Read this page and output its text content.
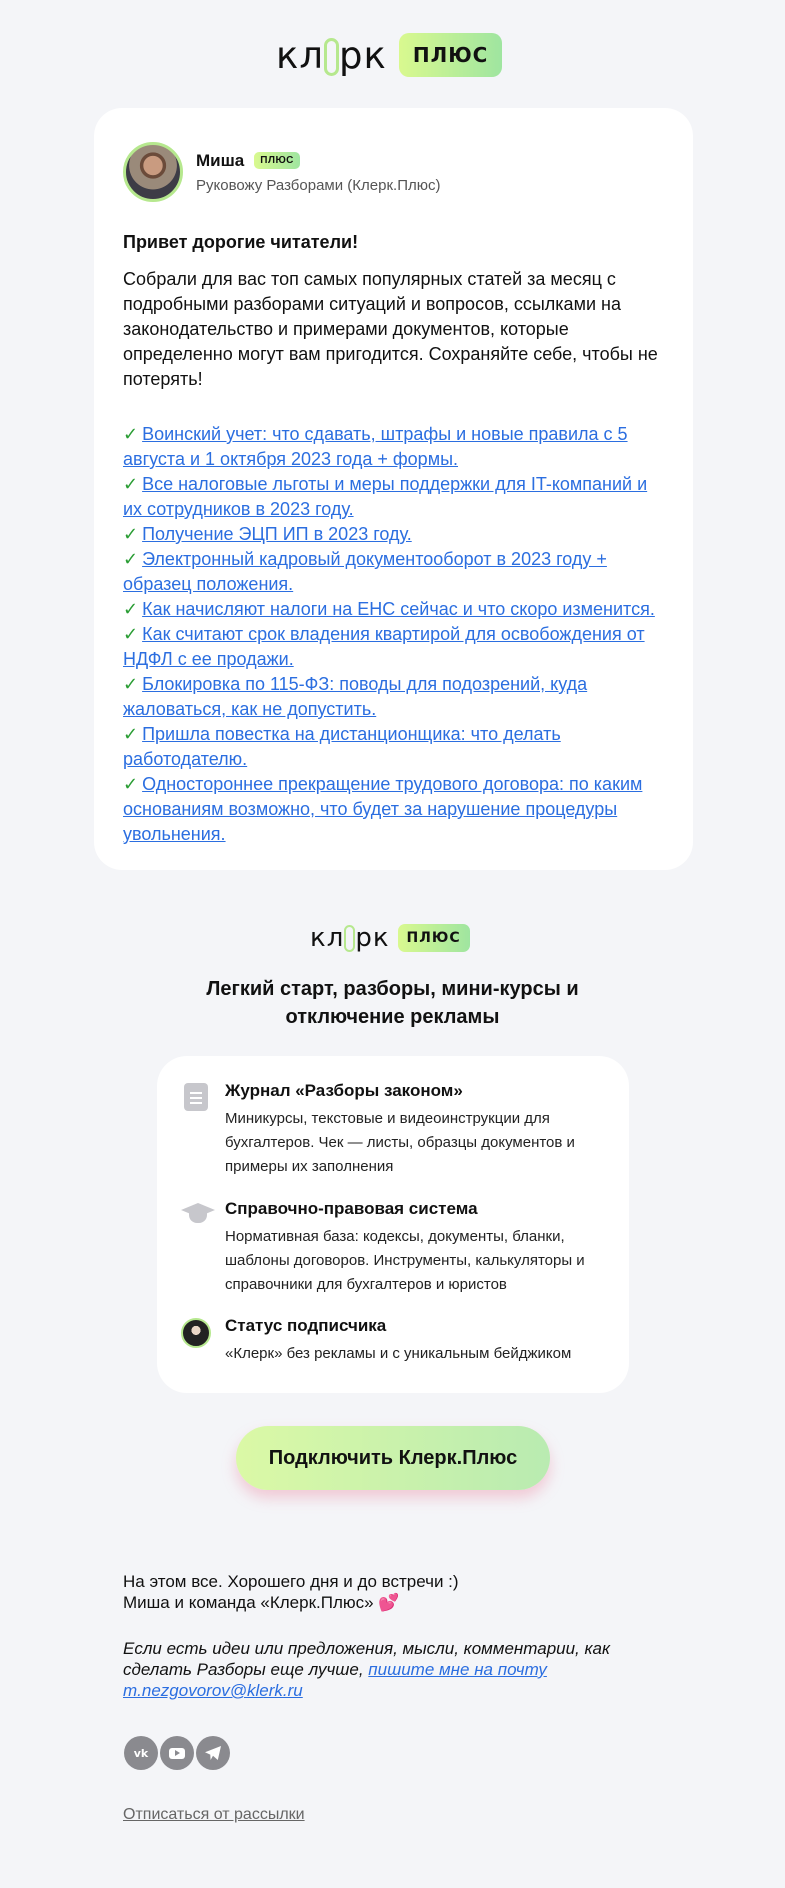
кл рк	ПЛЮС
Миша	ПЛЮС
Руковожу Разборами (Клерк.Плюс)
Привет дорогие читатели!
Собрали для вас топ самых популярных статей за месяц с подробными разборами ситуаций и вопросов, ссылками на законодательство и примерами документов, которые определенно могут вам пригодится. Сохраняйте себе, чтобы не потерять!
✓ Воинский учет: что сдавать, штрафы и новые правила с 5 августа и 1 октября 2023 года + формы.
✓ Все налоговые льготы и меры поддержки для IT-компаний и их сотрудников в 2023 году.
✓ Получение ЭЦП ИП в 2023 году.
✓ Электронный кадровый документооборот в 2023 году + образец положения.
✓ Как начисляют налоги на ЕНС сейчас и что скоро изменится.
✓ Как считают срок владения квартирой для освобождения от НДФЛ с ее продажи.
✓ Блокировка по 115-ФЗ: поводы для подозрений, куда жаловаться, как не допустить.
✓ Пришла повестка на дистанционщика: что делать работодателю.
✓ Одностороннее прекращение трудового договора: по каким основаниям возможно, что будет за нарушение процедуры увольнения.
кл рк	ПЛЮС
Легкий старт, разборы, мини-курсы и отключение рекламы
Журнал «Разборы законом»
Миникурсы, текстовые и видеоинструкции для бухгалтеров. Чек — листы, образцы документов и примеры их заполнения
Справочно-правовая система
Нормативная база: кодексы, документы, бланки, шаблоны договоров. Инструменты, калькуляторы и справочники для бухгалтеров и юристов
Статус подписчика
«Клерк» без рекламы и с уникальным бейджиком
Подключить Клерк.Плюс
На этом все. Хорошего дня и до встречи :)
Миша и команда «Клерк.Плюс» 💕
Если есть идеи или предложения, мысли, комментарии, как сделать Разборы еще лучше, пишите мне на почту m.nezgovorov@klerk.ru
vk
Отписаться от рассылки
